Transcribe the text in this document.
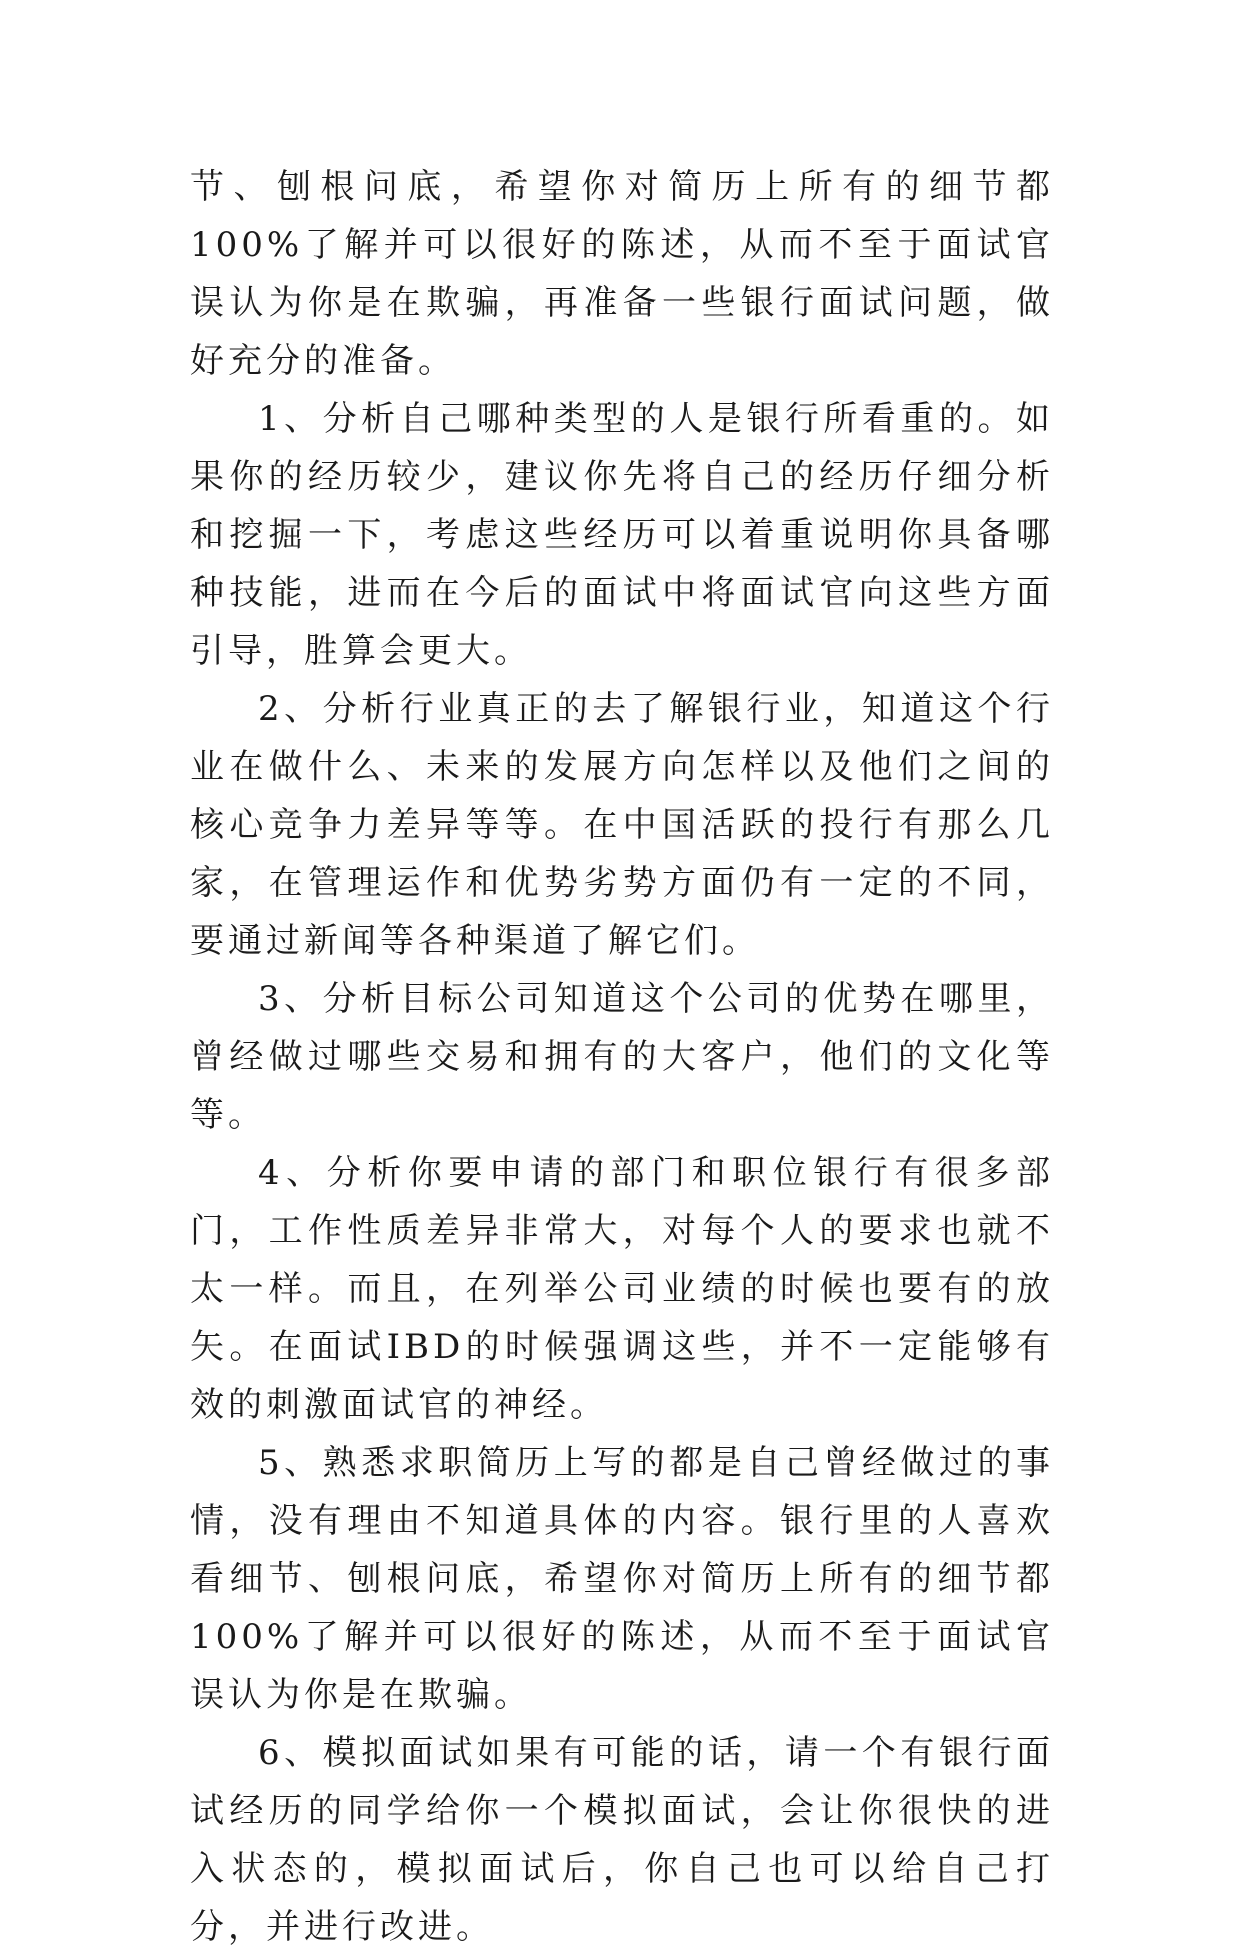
节、刨根问底，希望你对简历上所有的细节都100%了解并可以很好的陈述，从而不至于面试官误认为你是在欺骗，再准备一些银行面试问题，做好充分的准备。

1、分析自己哪种类型的人是银行所看重的。如果你的经历较少，建议你先将自己的经历仔细分析和挖掘一下，考虑这些经历可以着重说明你具备哪种技能，进而在今后的面试中将面试官向这些方面引导，胜算会更大。

2、分析行业真正的去了解银行业，知道这个行业在做什么、未来的发展方向怎样以及他们之间的核心竞争力差异等等。在中国活跃的投行有那么几家，在管理运作和优势劣势方面仍有一定的不同，要通过新闻等各种渠道了解它们。

3、分析目标公司知道这个公司的优势在哪里，曾经做过哪些交易和拥有的大客户，他们的文化等等。

4、分析你要申请的部门和职位银行有很多部门，工作性质差异非常大，对每个人的要求也就不太一样。而且，在列举公司业绩的时候也要有的放矢。在面试IBD的时候强调这些，并不一定能够有效的刺激面试官的神经。

5、熟悉求职简历上写的都是自己曾经做过的事情，没有理由不知道具体的内容。银行里的人喜欢看细节、刨根问底，希望你对简历上所有的细节都100%了解并可以很好的陈述，从而不至于面试官误认为你是在欺骗。

6、模拟面试如果有可能的话，请一个有银行面试经历的同学给你一个模拟面试，会让你很快的进入状态的，模拟面试后，你自己也可以给自己打分，并进行改进。
